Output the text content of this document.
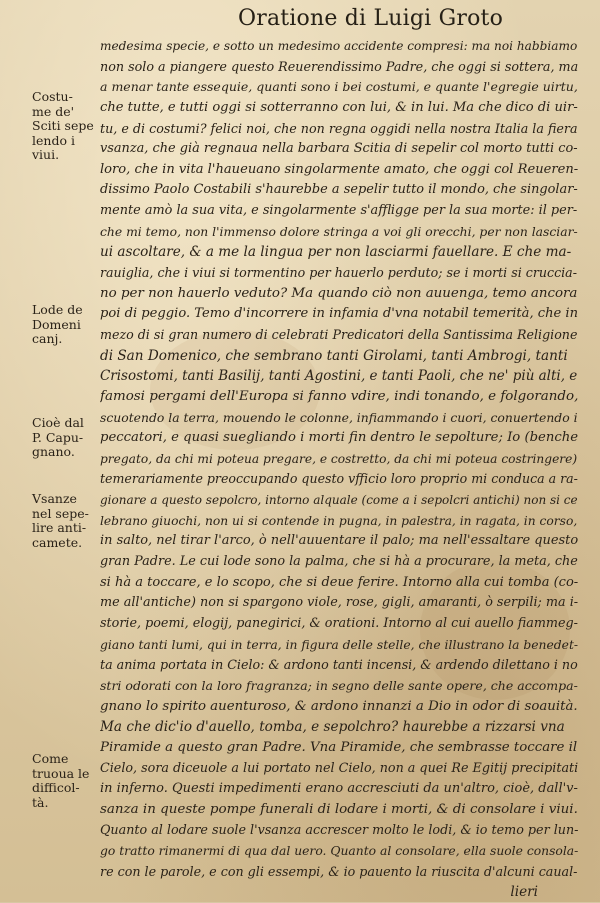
Oratione di Luigi Groto
medesima specie, e sotto un medesimo accidente compresi: ma noi habbiamo
non solo a piangere questo Reuerendissimo Padre, che oggi si sottera, ma
a menar tante essequie, quanti sono i bei costumi, e quante l'egregie uirtu,
che tutte, e tutti oggi si sotterranno con lui, & in lui. Ma che dico di uir-
tu, e di costumi? felici noi, che non regna oggidi nella nostra Italia la fiera
vsanza, che già regnaua nella barbara Scitia di sepelir col morto tutti co-
loro, che in vita l'haueuano singolarmente amato, che oggi col Reueren-
dissimo Paolo Costabili s'haurebbe a sepelir tutto il mondo, che singolar-
mente amò la sua vita, e singolarmente s'affligge per la sua morte: il per-
che mi temo, non l'immenso dolore stringa a voi gli orecchi, per non lasciar-
ui ascoltare, & a me la lingua per non lasciarmi fauellare. E che ma-
rauiglia, che i viui si tormentino per hauerlo perduto; se i morti si cruccia-
no per non hauerlo veduto? Ma quando ciò non auuenga, temo ancora
poi di peggio. Temo d'incorrere in infamia d'vna notabil temerità, che in
mezo di si gran numero di celebrati Predicatori della Santissima Religione
di San Domenico, che sembrano tanti Girolami, tanti Ambrogi, tanti
Crisostomi, tanti Basilij, tanti Agostini, e tanti Paoli, che ne' più alti, e
famosi pergami dell'Europa si fanno vdire, indi tonando, e folgorando,
scuotendo la terra, mouendo le colonne, infiammando i cuori, conuertendo i
peccatori, e quasi suegliando i morti fin dentro le sepolture; Io (benche
pregato, da chi mi poteua pregare, e costretto, da chi mi poteua costringere)
temerariamente preoccupando questo vfficio loro proprio mi conduca a ra-
gionare a questo sepolcro, intorno alquale (come a i sepolcri antichi) non si ce
lebrano giuochi, non ui si contende in pugna, in palestra, in ragata, in corso,
in salto, nel tirar l'arco, ò nell'auuentare il palo; ma nell'essaltare questo
gran Padre. Le cui lode sono la palma, che si hà a procurare, la meta, che
si hà a toccare, e lo scopo, che si deue ferire. Intorno alla cui tomba (co-
me all'antiche) non si spargono viole, rose, gigli, amaranti, ò serpili; ma i-
storie, poemi, elogij, panegirici, & orationi. Intorno al cui auello fiammeg-
giano tanti lumi, qui in terra, in figura delle stelle, che illustrano la benedet-
ta anima portata in Cielo: & ardono tanti incensi, & ardendo dilettano i no
stri odorati con la loro fragranza; in segno delle sante opere, che accompa-
gnano lo spirito auenturoso, & ardono innanzi a Dio in odor di soauità.
Ma che dic'io d'auello, tomba, e sepolchro? haurebbe a rizzarsi vna
Piramide a questo gran Padre. Vna Piramide, che sembrasse toccare il
Cielo, sora diceuole a lui portato nel Cielo, non a quei Re Egitij precipitati
in inferno. Questi impedimenti erano accresciuti da un'altro, cioè, dall'v-
sanza in queste pompe funerali di lodare i morti, & di consolare i viui.
Quanto al lodare suole l'vsanza accrescer molto le lodi, & io temo per lun-
go tratto rimanermi di qua dal uero. Quanto al consolare, ella suole consola-
re con le parole, e con gli essempi, & io pauento la riuscita d'alcuni caual-
lieri
Costu-
me de'
Sciti sepe
lendo i
viui.
Lode de
Domeni
canj.
Cioè dal
P. Capu-
gnano.
Vsanze
nel sepe-
lire anti-
camete.
Come
truoua le
difficol-
tà.
